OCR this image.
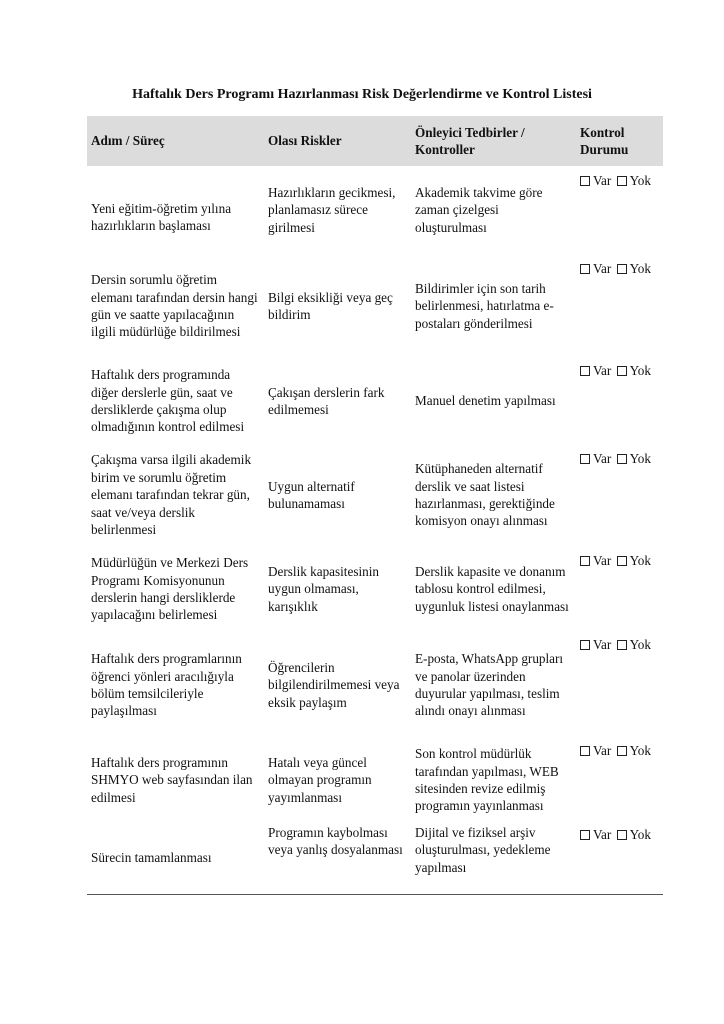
Haftalık Ders Programı Hazırlanması Risk Değerlendirme ve Kontrol Listesi
Adım / Süreç	Olası Riskler	Önleyici Tedbirler / Kontroller	Kontrol Durumu
Yeni eğitim-öğretim yılına hazırlıkların başlaması	Hazırlıkların gecikmesi, planlamasız sürece girilmesi	Akademik takvime göre zaman çizelgesi oluşturulması	Var Yok
Dersin sorumlu öğretim elemanı tarafından dersin hangi gün ve saatte yapılacağının ilgili müdürlüğe bildirilmesi	Bilgi eksikliği veya geç bildirim	Bildirimler için son tarih belirlenmesi, hatırlatma e-postaları gönderilmesi	Var Yok
Haftalık ders programında diğer derslerle gün, saat ve dersliklerde çakışma olup olmadığının kontrol edilmesi	Çakışan derslerin fark edilmemesi	Manuel denetim yapılması	Var Yok
Çakışma varsa ilgili akademik birim ve sorumlu öğretim elemanı tarafından tekrar gün, saat ve/veya derslik belirlenmesi	Uygun alternatif bulunamaması	Kütüphaneden alternatif derslik ve saat listesi hazırlanması, gerektiğinde komisyon onayı alınması	Var Yok
Müdürlüğün ve Merkezi Ders Programı Komisyonunun derslerin hangi dersliklerde yapılacağını belirlemesi	Derslik kapasitesinin uygun olmaması, karışıklık	Derslik kapasite ve donanım tablosu kontrol edilmesi, uygunluk listesi onaylanması	Var Yok
Haftalık ders programlarının öğrenci yönleri aracılığıyla bölüm temsilcileriyle paylaşılması	Öğrencilerin bilgilendirilmemesi veya eksik paylaşım	E-posta, WhatsApp grupları ve panolar üzerinden duyurular yapılması, teslim alındı onayı alınması	Var Yok
Haftalık ders programının SHMYO web sayfasından ilan edilmesi	Hatalı veya güncel olmayan programın yayımlanması	Son kontrol müdürlük tarafından yapılması, WEB sitesinden revize edilmiş programın yayınlanması	Var Yok
Sürecin tamamlanması	Programın kaybolması veya yanlış dosyalanması	Dijital ve fiziksel arşiv oluşturulması, yedekleme yapılması	Var Yok
